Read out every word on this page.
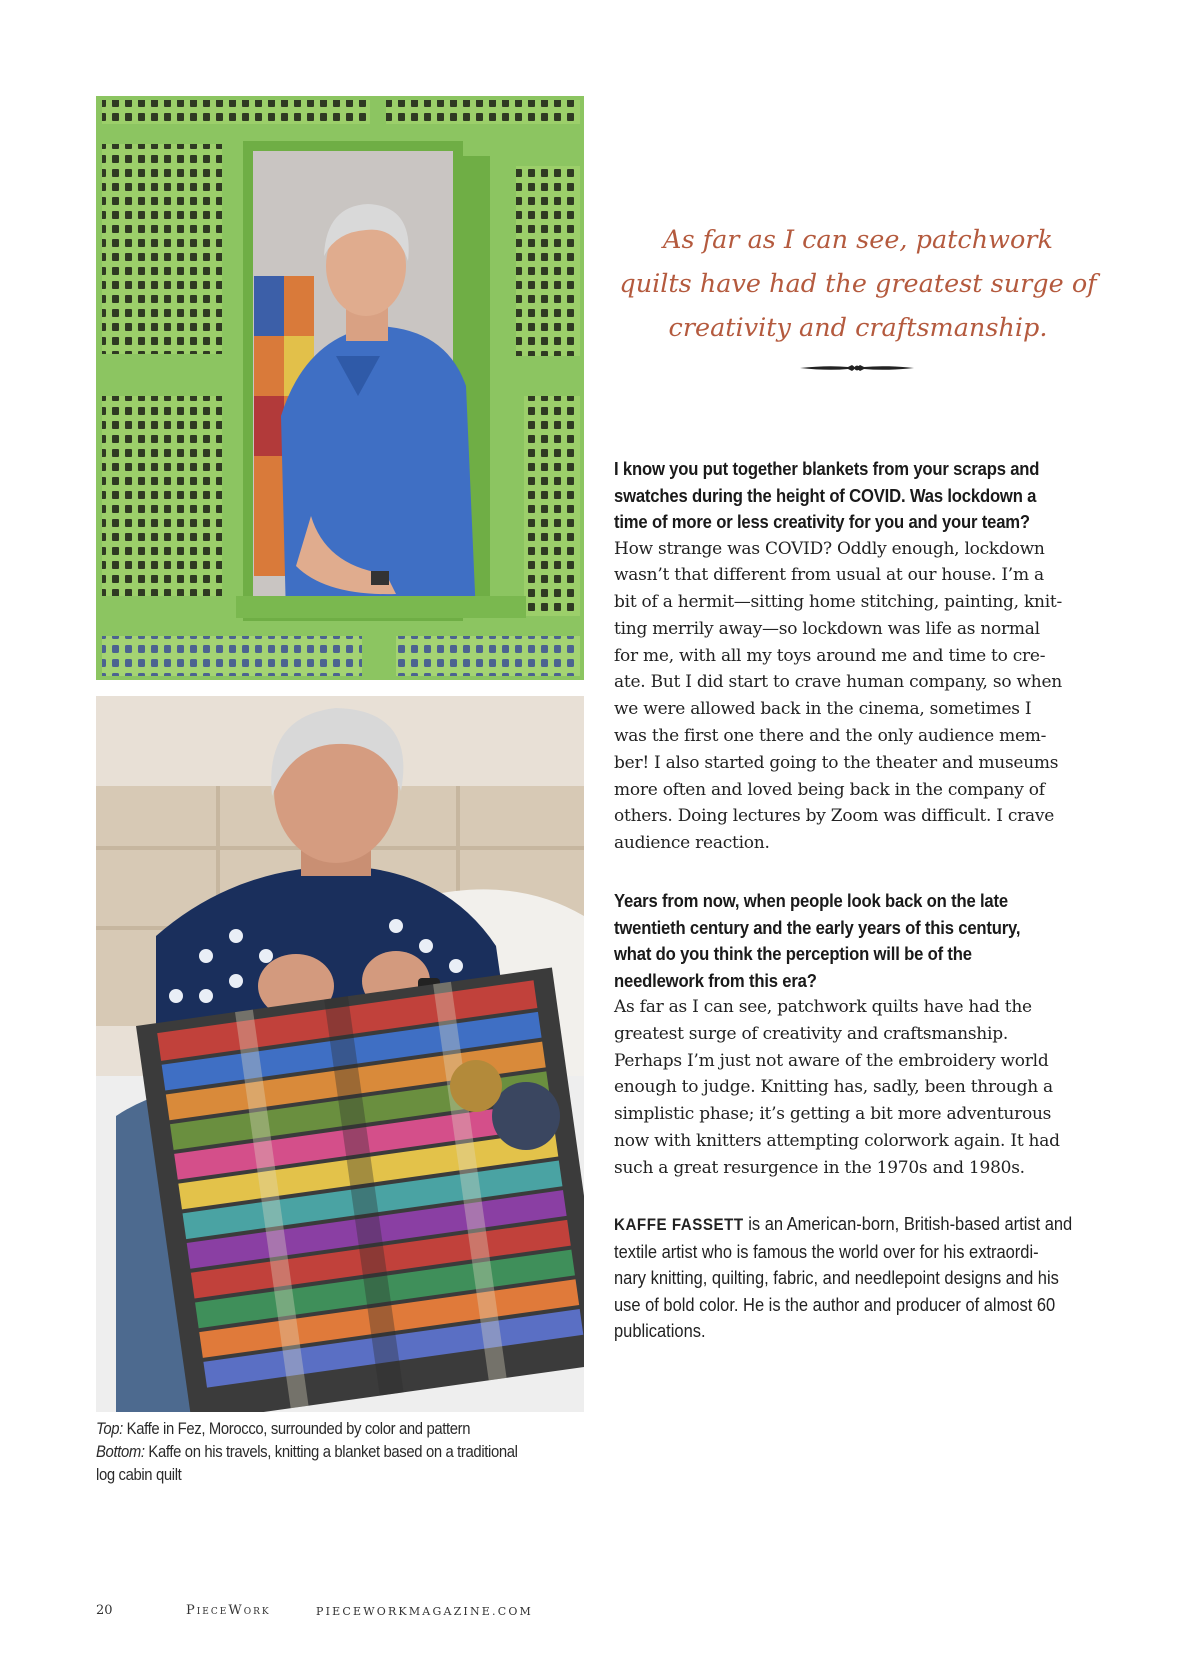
Top: Kaffe in Fez, Morocco, surrounded by color and pattern
Bottom: Kaffe on his travels, knitting a blanket based on a traditional
log cabin quilt
As far as I can see, patchwork
quilts have had the greatest surge of
creativity and craftsmanship.
I know you put together blankets from your scraps and
swatches during the height of COVID. Was lockdown a
time of more or less creativity for you and your team?
How strange was COVID? Oddly enough, lockdown
wasn’t that different from usual at our house. I’m a
bit of a hermit—sitting home stitching, painting, knit-
ting merrily away—so lockdown was life as normal
for me, with all my toys around me and time to cre-
ate. But I did start to crave human company, so when
we were allowed back in the cinema, sometimes I
was the first one there and the only audience mem-
ber! I also started going to the theater and museums
more often and loved being back in the company of
others. Doing lectures by Zoom was difficult. I crave
audience reaction.
Years from now, when people look back on the late
twentieth century and the early years of this century,
what do you think the perception will be of the
needlework from this era?
As far as I can see, patchwork quilts have had the
greatest surge of creativity and craftsmanship.
Perhaps I’m just not aware of the embroidery world
enough to judge. Knitting has, sadly, been through a
simplistic phase; it’s getting a bit more adventurous
now with knitters attempting colorwork again. It had
such a great resurgence in the 1970s and 1980s.
KAFFE FASSETT is an American-born, British-based artist and
textile artist who is famous the world over for his extraordi-
nary knitting, quilting, fabric, and needlepoint designs and his
use of bold color. He is the author and producer of almost 60
publications.
20	PieceWork	PIECEWORKMAGAZINE.COM
